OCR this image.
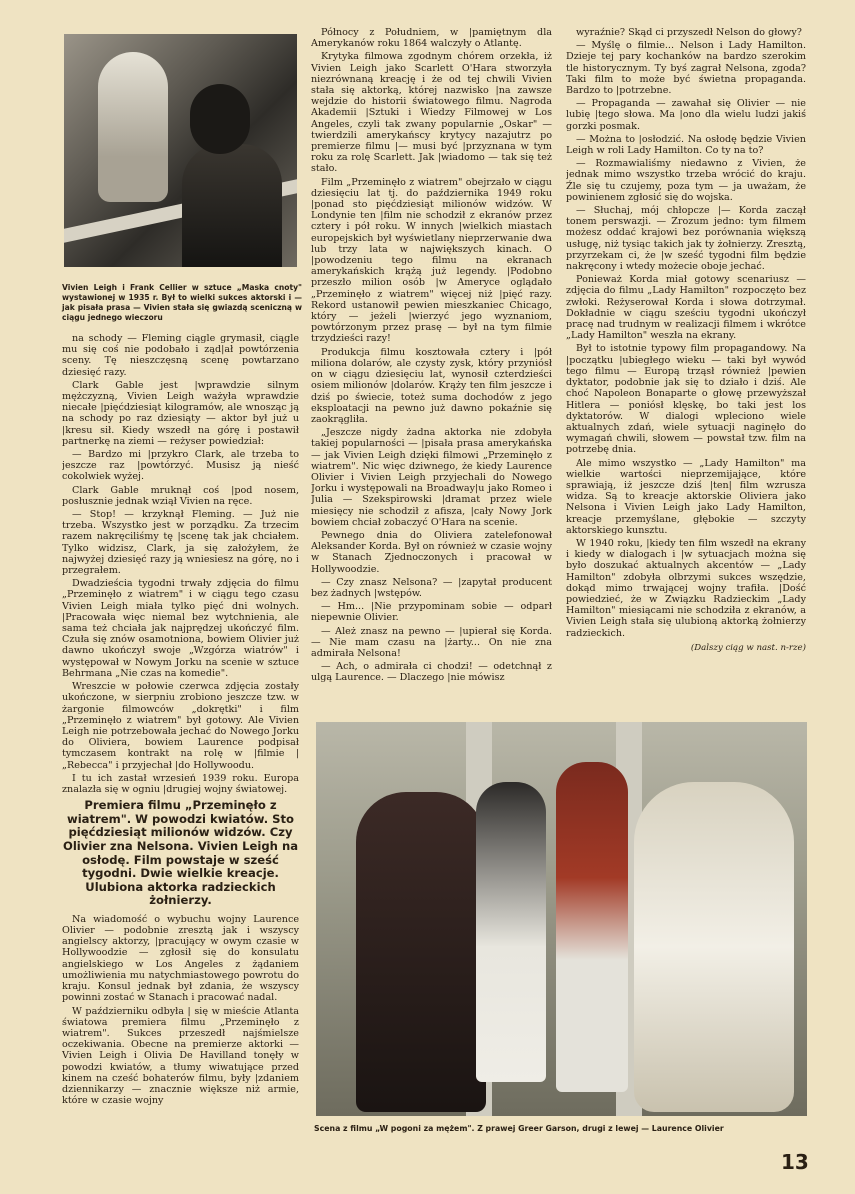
Vivien Leigh i Frank Cellier w sztuce „Maska cnoty" wystawionej w 1935 r. Był to wielki sukces aktorski i — jak pisała prasa — Vivien stała się gwiazdą sceniczną w ciągu jednego wieczoru

na schody — Fleming ciągle grymasił, ciągle mu się coś nie podobało i ząd|ał powtórzenia sceny. Tę nieszczęsną scenę powtarzano dziesięć razy.

Clark Gable jest |wprawdzie silnym mężczyzną, Vivien Leigh ważyła wprawdzie niecałe |pięćdziesiąt kilogramów, ale wnosząc ją na schody po raz dziesiąty — aktor był już u |kresu sił. Kiedy wszedł na górę i postawił partnerkę na ziemi — reżyser powiedział:

— Bardzo mi |przykro Clark, ale trzeba to jeszcze raz |powtórzyć. Musisz ją nieść cokolwiek wyżej.

Clark Gable mruknął coś |pod nosem, posłusznie jednak wziął Vivien na ręce.

— Stop! — krzyknął Fleming. — Już nie trzeba. Wszystko jest w porządku. Za trzecim razem nakręciliśmy tę |scenę tak jak chciałem. Tylko widzisz, Clark, ja się założyłem, że najwyżej dziesięć razy ją wniesiesz na górę, no i przegrałem.

Dwadzieścia tygodni trwały zdjęcia do filmu „Przeminęło z wiatrem" i w ciągu tego czasu Vivien Leigh miała tylko pięć dni wolnych. |Pracowała więc niemal bez wytchnienia, ale sama też chciała jak najprędzej ukończyć film. Czuła się znów osamotniona, bowiem Olivier już dawno ukończył swoje „Wzgórza wiatrów" i występował w Nowym Jorku na scenie w sztuce Behrmana „Nie czas na komedie".

Wreszcie w połowie czerwca zdjęcia zostały ukończone, w sierpniu zrobiono jeszcze tzw. w żargonie filmowców „dokrętki" i film „Przeminęło z wiatrem" był gotowy. Ale Vivien Leigh nie potrzebowała jechać do Nowego Jorku do Oliviera, bowiem Laurence podpisał tymczasem kontrakt na rolę w |filmie |„Rebecca" i przyjechał |do Hollywoodu.

I tu ich zastał wrzesień 1939 roku. Europa znalazła się w ogniu |drugiej wojny światowej.

Premiera filmu „Przeminęło z wiatrem". W powodzi kwiatów. Sto pięćdziesiąt milionów widzów. Czy Olivier zna Nelsona. Vivien Leigh na osłodę. Film powstaje w sześć tygodni. Dwie wielkie kreacje. Ulubiona aktorka radzieckich żołnierzy.

Na wiadomość o wybuchu wojny Laurence Olivier — podobnie zresztą jak i wszyscy angielscy aktorzy, |pracujący w owym czasie w Hollywoodzie — zgłosił się do konsulatu angielskiego w Los Angeles z żądaniem umożliwienia mu natychmiastowego powrotu do kraju. Konsul jednak był zdania, że wszyscy powinni zostać w Stanach i pracować nadal.

W październiku odbyła | się w mieście Atlanta światowa premiera filmu „Przeminęło z wiatrem". Sukces przeszedł najśmielsze oczekiwania. Obecne na premierze aktorki — Vivien Leigh i Olivia De Havilland tonęły w powodzi kwiatów, a tłumy wiwatujące przed kinem na cześć bohaterów filmu, były |zdaniem dziennikarzy — znacznie większe niż armie, które w czasie wojny

Północy z Południem, w |pamiętnym dla Amerykanów roku 1864 walczyły o Atlantę.

Krytyka filmowa zgodnym chórem orzekła, iż Vivien Leigh jako Scarlett O'Hara stworzyła niezrównaną kreację i że od tej chwili Vivien stała się aktorką, której nazwisko |na zawsze wejdzie do historii światowego filmu. Nagroda Akademii |Sztuki i Wiedzy Filmowej w Los Angeles, czyli tak zwany popularnie „Oskar" — twierdzili amerykańscy krytycy nazajutrz po premierze filmu |— musi być |przyznana w tym roku za rolę Scarlett. Jak |wiadomo — tak się też stało.

Film „Przeminęło z wiatrem" obejrzało w ciągu dziesięciu lat tj. do października 1949 roku |ponad sto pięćdziesiąt milionów widzów. W Londynie ten |film nie schodził z ekranów przez cztery i pół roku. W innych |wielkich miastach europejskich był wyświetlany nieprzerwanie dwa lub trzy lata w największych kinach. O |powodzeniu tego filmu na ekranach amerykańskich krążą już legendy. |Podobno przeszło milion osób |w Ameryce oglądało „Przeminęło z wiatrem" więcej niż |pięć razy. Rekord ustanowił pewien mieszkaniec Chicago, który — jeżeli |wierzyć jego wyznaniom, powtórzonym przez prasę — był na tym filmie trzydzieści razy!

Produkcja filmu kosztowała cztery i |pół miliona dolarów, ale czysty zysk, który przyniósł on w ciągu dziesięciu lat, wynosił czterdzieści osiem milionów |dolarów. Krąży ten film jeszcze i dziś po świecie, toteż suma dochodów z jego eksploatacji na pewno już dawno pokaźnie się zaokrągliła.

„Jeszcze nigdy żadna aktorka nie zdobyła takiej popularności — |pisała prasa amerykańska — jak Vivien Leigh dzięki filmowi „Przeminęło z wiatrem". Nic więc dziwnego, że kiedy Laurence Olivier i Vivien Leigh przyjechali do Nowego Jorku i występowali na Broadway|u jako Romeo i Julia — Szekspirowski |dramat przez wiele miesięcy nie schodził z afisza, |cały Nowy Jork bowiem chciał zobaczyć O'Hara na scenie.

Pewnego dnia do Oliviera zatelefonował Aleksander Korda. Był on również w czasie wojny w Stanach Zjednoczonych i pracował w Hollywoodzie.

— Czy znasz Nelsona? — |zapytał producent bez żadnych |wstępów.

— Hm... |Nie przypominam sobie — odparł niepewnie Olivier.

— Ależ znasz na pewno — |upierał się Korda. — Nie mam czasu na |żarty... On nie zna admirała Nelsona!

— Ach, o admirała ci chodzi! — odetchnął z ulgą Laurence. — Dlaczego |nie mówisz

wyraźnie? Skąd ci przyszedł Nelson do głowy?

— Myślę o filmie... Nelson i Lady Hamilton. Dzieje tej pary kochanków na bardzo szerokim tle historycznym. Ty byś zagrał Nelsona, zgoda? Taki film to może być świetna propaganda. Bardzo to |potrzebne.

— Propaganda — zawahał się Olivier — nie lubię |tego słowa. Ma |ono dla wielu ludzi jakiś gorzki posmak.

— Można to |osłodzić. Na osłodę będzie Vivien Leigh w roli Lady Hamilton. Co ty na to?

— Rozmawialiśmy niedawno z Vivien, że jednak mimo wszystko trzeba wrócić do kraju. Źle się tu czujemy, poza tym — ja uważam, że powinienem zgłosić się do wojska.

— Słuchaj, mój chłopcze |— Korda zaczął tonem perswazji. — Zrozum jedno: tym filmem możesz oddać krajowi bez porównania większą usługę, niż tysiąc takich jak ty żołnierzy. Zresztą, przyrzekam ci, że |w sześć tygodni film będzie nakręcony i wtedy możecie oboje jechać.

Ponieważ Korda miał gotowy scenariusz — zdjęcia do filmu „Lady Hamilton" rozpoczęto bez zwłoki. Reżyserował Korda i słowa dotrzymał. Dokładnie w ciągu sześciu tygodni ukończył pracę nad trudnym w realizacji filmem i wkrótce „Lady Hamilton" weszła na ekrany.

Był to istotnie typowy film propagandowy. Na |początku |ubiegłego wieku — taki był wywód tego filmu — Europą trząsł również |pewien dyktator, podobnie jak się to działo i dziś. Ale choć Napoleon Bonaparte o głowę przewyższał Hitlera — poniósł klęskę, bo taki jest los dyktatorów. W dialogi wpleciono wiele aktualnych zdań, wiele sytuacji naginęło do wymagań chwili, słowem — powstał tzw. film na potrzebę dnia.

Ale mimo wszystko — „Lady Hamilton" ma wielkie wartości nieprzemijające, które sprawiają, iż jeszcze dziś |ten| film wzrusza widza. Są to kreacje aktorskie Oliviera jako Nelsona i Vivien Leigh jako Lady Hamilton, kreacje przemyślane, głębokie — szczyty aktorskiego kunsztu.

W 1940 roku, |kiedy ten film wszedł na ekrany i kiedy w dialogach i |w sytuacjach można się było doszukać aktualnych akcentów — „Lady Hamilton" zdobyła olbrzymi sukces wszędzie, dokąd mimo trwającej wojny trafiła. |Dość powiedzieć, że w Związku Radzieckim „Lady Hamilton" miesiącami nie schodziła z ekranów, a Vivien Leigh stała się ulubioną aktorką żołnierzy radzieckich.

(Dalszy ciąg w nast. n-rze)

Scena z filmu „W pogoni za mężem". Z prawej Greer Garson, drugi z lewej — Laurence Olivier

13
